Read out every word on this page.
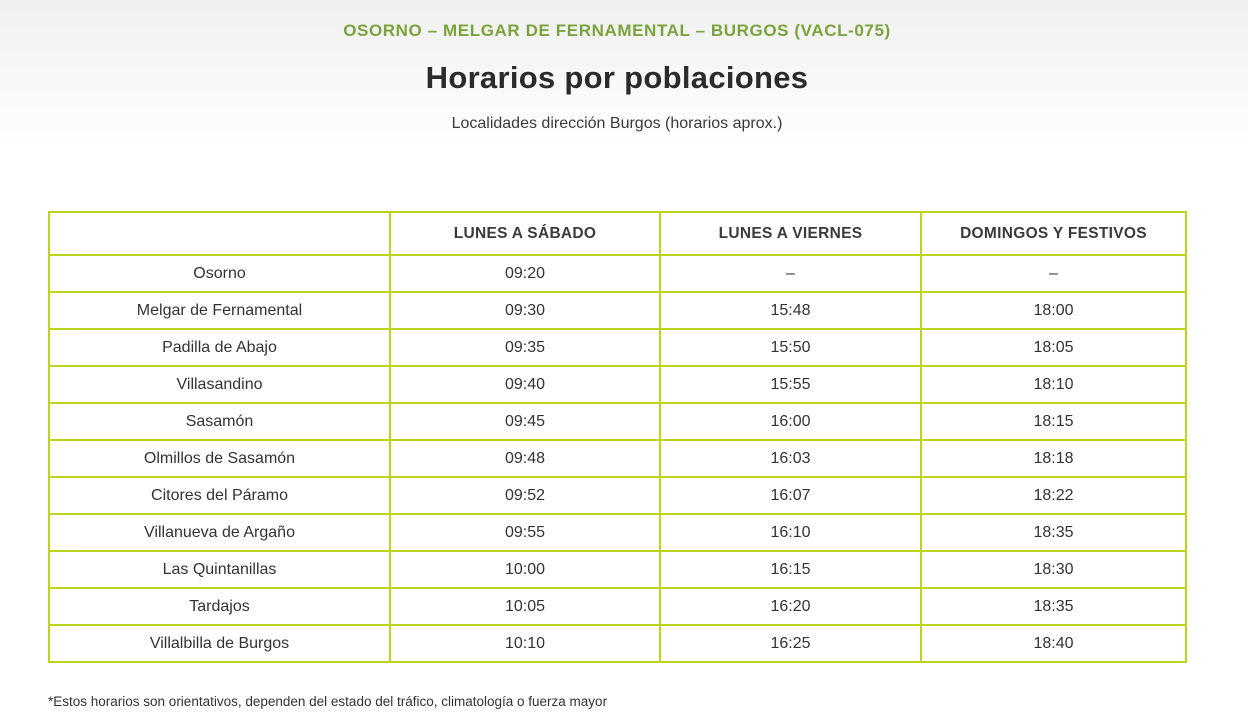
OSORNO – MELGAR DE FERNAMENTAL – BURGOS (VACL-075)
Horarios por poblaciones
Localidades dirección Burgos (horarios aprox.)
	LUNES A SÁBADO	LUNES A VIERNES	DOMINGOS Y FESTIVOS
Osorno	09:20	–	–
Melgar de Fernamental	09:30	15:48	18:00
Padilla de Abajo	09:35	15:50	18:05
Villasandino	09:40	15:55	18:10
Sasamón	09:45	16:00	18:15
Olmillos de Sasamón	09:48	16:03	18:18
Citores del Páramo	09:52	16:07	18:22
Villanueva de Argaño	09:55	16:10	18:35
Las Quintanillas	10:00	16:15	18:30
Tardajos	10:05	16:20	18:35
Villalbilla de Burgos	10:10	16:25	18:40
*Estos horarios son orientativos, dependen del estado del tráfico, climatología o fuerza mayor
